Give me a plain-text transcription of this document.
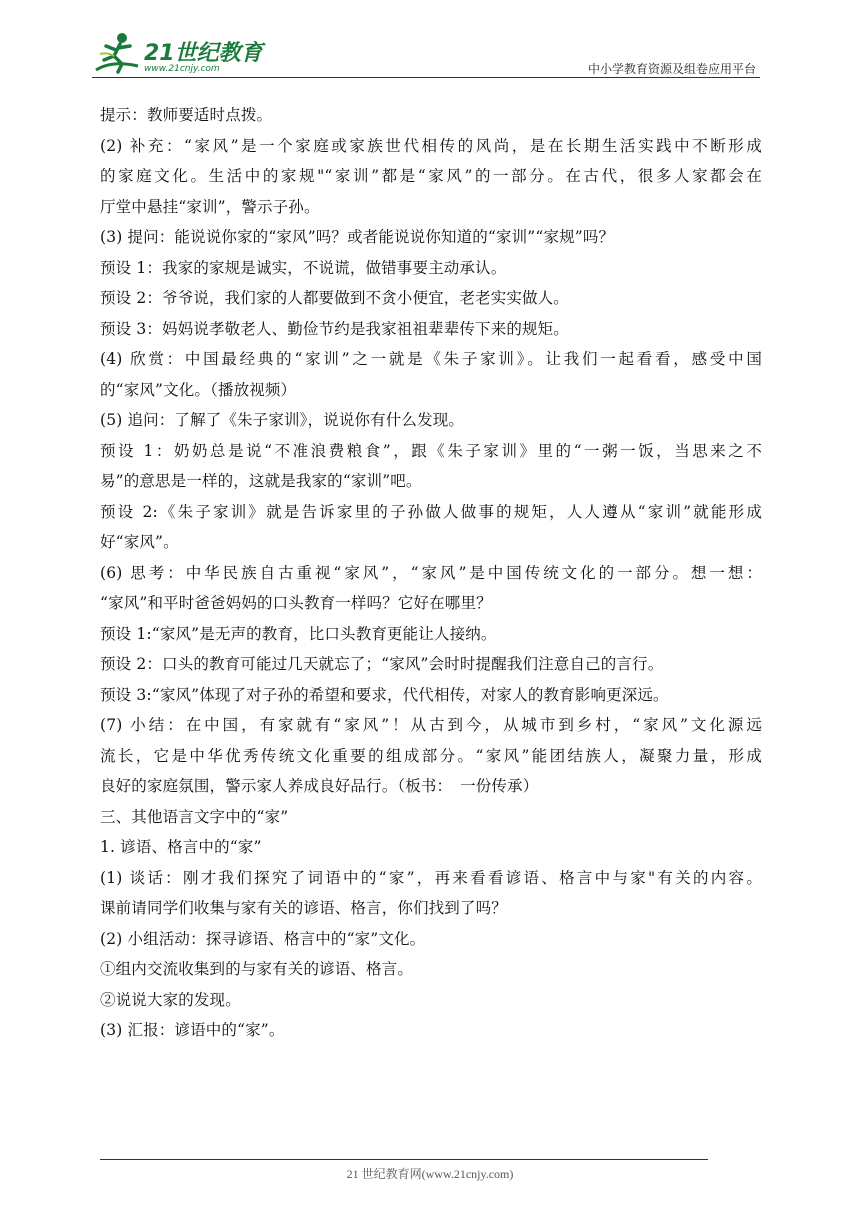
21世纪教育
www.21cnjy.com	中小学教育资源及组卷应用平台
提示：教师要适时点拨。
(2) 补充：“家风”是一个家庭或家族世代相传的风尚，是在长期生活实践中不断形成
的家庭文化。生活中的家规"“家训”都是“家风”的一部分。在古代，很多人家都会在
厅堂中悬挂“家训”，警示子孙。
(3) 提问：能说说你家的“家风”吗？或者能说说你知道的“家训”“家规”吗？
预设 1：我家的家规是诚实，不说谎，做错事要主动承认。
预设 2：爷爷说，我们家的人都要做到不贪小便宜，老老实实做人。
预设 3：妈妈说孝敬老人、勤俭节约是我家祖祖辈辈传下来的规矩。
(4) 欣赏：中国最经典的“家训”之一就是《朱子家训》。让我们一起看看，感受中国
的“家风”文化。（播放视频）
(5) 追问：了解了《朱子家训》，说说你有什么发现。
预设 1：奶奶总是说“不准浪费粮食”，跟《朱子家训》里的“一粥一饭，当思来之不
易”的意思是一样的，这就是我家的“家训”吧。
预设 2:《朱子家训》就是告诉家里的子孙做人做事的规矩，人人遵从“家训”就能形成
好“家风”。
(6) 思考：中华民族自古重视“家风”，“家风”是中国传统文化的一部分。想一想：
“家风”和平时爸爸妈妈的口头教育一样吗？它好在哪里？
预设 1:“家风”是无声的教育，比口头教育更能让人接纳。
预设 2：口头的教育可能过几天就忘了；“家风”会时时提醒我们注意自己的言行。
预设 3:“家风”体现了对子孙的希望和要求，代代相传，对家人的教育影响更深远。
(7) 小结：在中国，有家就有“家风”！从古到今，从城市到乡村，“家风”文化源远
流长，它是中华优秀传统文化重要的组成部分。“家风”能团结族人，凝聚力量，形成
良好的家庭氛围，警示家人养成良好品行。（板书：　一份传承）
三、其他语言文字中的“家”
1. 谚语、格言中的“家”
(1) 谈话：刚才我们探究了词语中的“家”，再来看看谚语、格言中与家"有关的内容。
课前请同学们收集与家有关的谚语、格言，你们找到了吗？
(2) 小组活动：探寻谚语、格言中的“家”文化。
①组内交流收集到的与家有关的谚语、格言。
②说说大家的发现。
(3) 汇报：谚语中的“家”。
21 世纪教育网(www.21cnjy.com)
